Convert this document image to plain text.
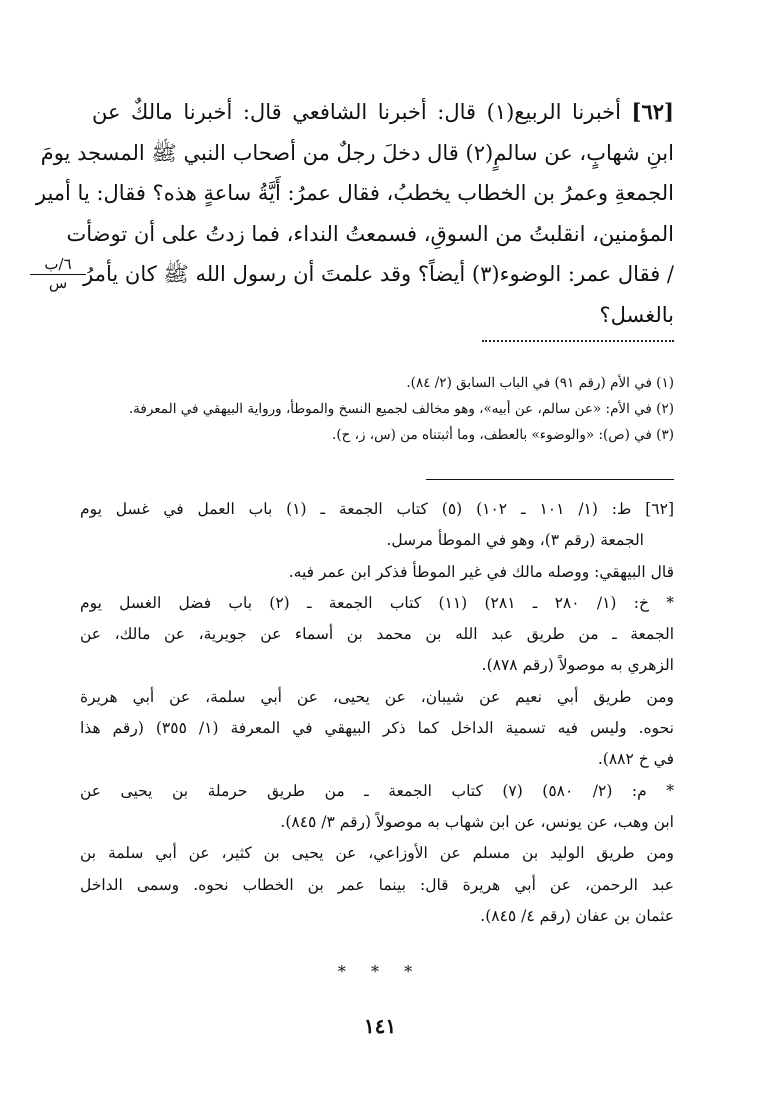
[٦٢] أخبرنا الربيع(١) قال: أخبرنا الشافعي قال: أخبرنا مالكٌ عن
ابنِ شهابٍ، عن سالمٍ(٢) قال دخلَ رجلٌ من أصحاب النبي ﷺ المسجد يومَ
الجمعةِ وعمرُ بن الخطاب يخطبُ، فقال عمرُ: أَيَّةُ ساعةٍ هذه؟ فقال: يا أمير
المؤمنين، انقلبتُ من السوقِ، فسمعتُ النداء، فما زدتُ على أن توضأت
/ فقال عمر: الوضوء(٣) أيضاً؟ وقد علمتَ أن رسول الله ﷺ كان يأمرُ
بالغسل؟
٦/ب
س
(١) في الأم (رقم ٩١) في الباب السابق (٢/ ٨٤).
(٢) في الأم: «عن سالم، عن أبيه»، وهو مخالف لجميع النسخ والموطأ، ورواية البيهقي في المعرفة.
(٣) في (ص): «والوضوء» بالعطف، وما أثبتناه من (س، ز، ح).
[٦٢] ط: (١/ ١٠١ ـ ١٠٢) (٥) كتاب الجمعة ـ (١) باب العمل في غسل يوم
الجمعة (رقم ٣)، وهو في الموطأ مرسل.
قال البيهقي: ووصله مالك في غير الموطأ فذكر ابن عمر فيه.
* خ: (١/ ٢٨٠ ـ ٢٨١) (١١) كتاب الجمعة ـ (٢) باب فضل الغسل يوم
الجمعة ـ من طريق عبد الله بن محمد بن أسماء عن جويرية، عن مالك، عن
الزهري به موصولاً (رقم ٨٧٨).
ومن طريق أبي نعيم عن شيبان، عن يحيى، عن أبي سلمة، عن أبي هريرة
نحوه. وليس فيه تسمية الداخل كما ذكر البيهقي في المعرفة (١/ ٣٥٥) (رقم هذا
في خ ٨٨٢).
* م: (٢/ ٥٨٠) (٧) كتاب الجمعة ـ من طريق حرملة بن يحيى عن
ابن وهب، عن يونس، عن ابن شهاب به موصولاً (رقم ٣/ ٨٤٥).
ومن طريق الوليد بن مسلم عن الأوزاعي، عن يحيى بن كثير، عن أبي سلمة بن
عبد الرحمن، عن أبي هريرة قال: بينما عمر بن الخطاب نحوه. وسمى الداخل
عثمان بن عفان (رقم ٤/ ٨٤٥).
* * *
١٤١
